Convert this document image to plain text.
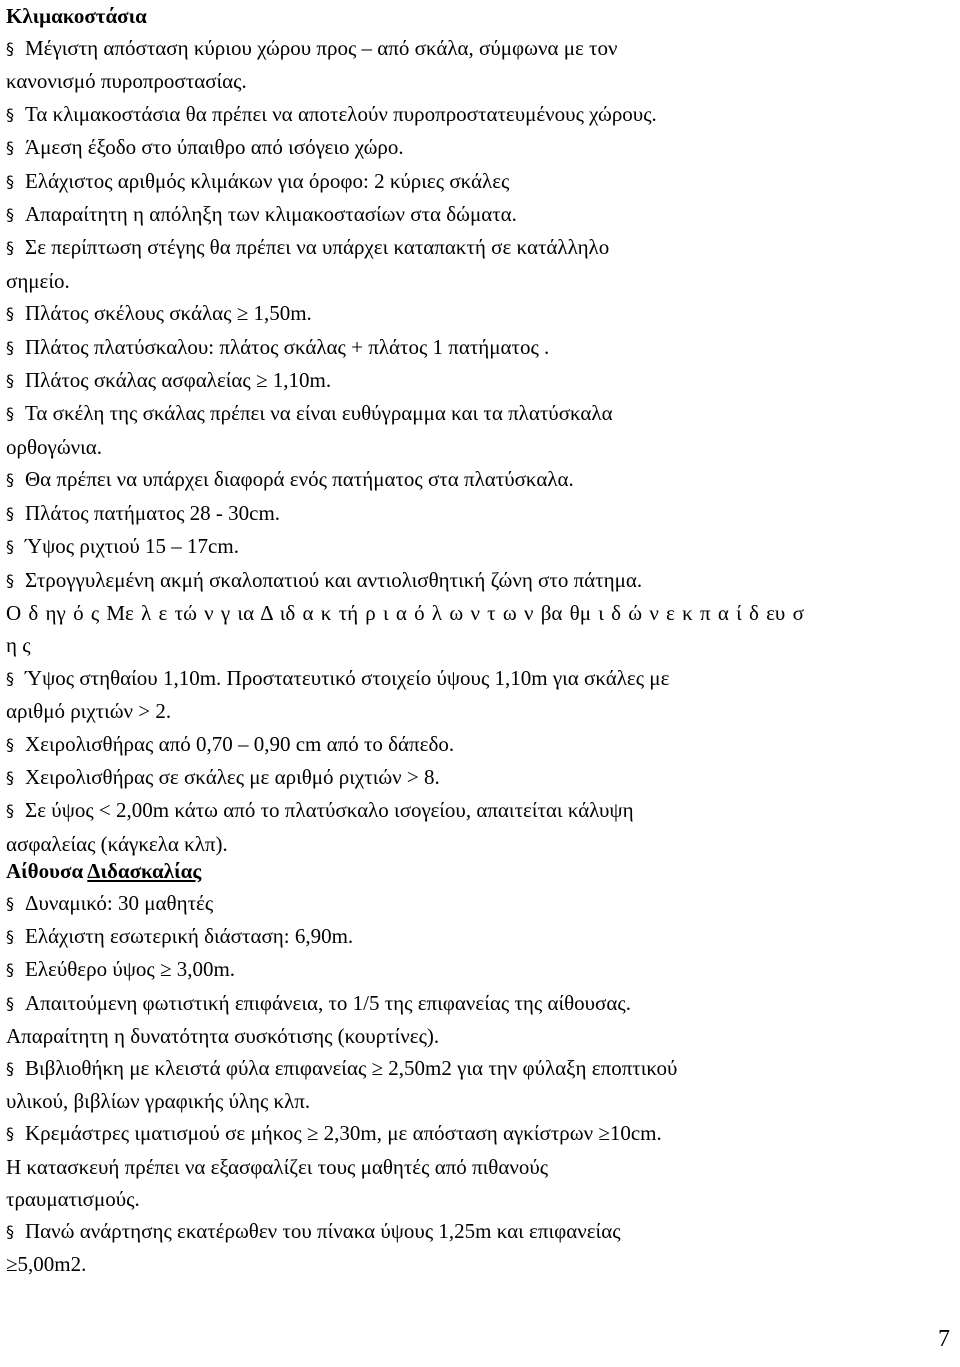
Κλιμακοστάσια

§ Μέγιστη απόσταση κύριου χώρου προς – από σκάλα, σύμφωνα με τον

κανονισμό πυροπροστασίας.

§ Τα κλιμακοστάσια θα πρέπει να αποτελούν πυροπροστατευμένους χώρους.

§ Άμεση έξοδο στο ύπαιθρο από ισόγειο χώρο.

§ Ελάχιστος αριθμός κλιμάκων για όροφο: 2 κύριες σκάλες

§ Απαραίτητη η απόληξη των κλιμακοστασίων στα δώματα.

§ Σε περίπτωση στέγης θα πρέπει να υπάρχει καταπακτή σε κατάλληλο

σημείο.

§ Πλάτος σκέλους σκάλας ≥ 1,50m.

§ Πλάτος πλατύσκαλου: πλάτος σκάλας + πλάτος 1 πατήματος .

§ Πλάτος σκάλας ασφαλείας ≥ 1,10m.

§ Τα σκέλη της σκάλας πρέπει να είναι ευθύγραμμα και τα πλατύσκαλα

ορθογώνια.

§ Θα πρέπει να υπάρχει διαφορά ενός πατήματος στα πλατύσκαλα.

§ Πλάτος πατήματος 28 - 30cm.

§ Ύψος ριχτιού 15 – 17cm.

§ Στρογγυλεμένη ακμή σκαλοπατιού και αντιολισθητική ζώνη στο πάτημα.

Ο δ ηγ ό ς Με λ ε τώ ν γ ια Δ ιδ α κ τή ρ ι α ό λ ω ν τ ω ν βα θμ ι δ ώ ν ε κ π α ί δ ευ σ

η ς

§ Ύψος στηθαίου 1,10m. Προστατευτικό στοιχείο ύψους 1,10m για σκάλες με

αριθμό ριχτιών > 2.

§ Χειρολισθήρας από 0,70 – 0,90 cm από το δάπεδο.

§ Χειρολισθήρας σε σκάλες με αριθμό ριχτιών > 8.

§ Σε ύψος < 2,00m κάτω από το πλατύσκαλο ισογείου, απαιτείται κάλυψη

ασφαλείας (κάγκελα κλπ).

Αίθουσα Διδασκαλίας

§ Δυναμικό: 30 μαθητές

§ Ελάχιστη εσωτερική διάσταση: 6,90m.

§ Ελεύθερο ύψος ≥ 3,00m.

§ Απαιτούμενη φωτιστική επιφάνεια, το 1/5 της επιφανείας της αίθουσας.

Απαραίτητη η δυνατότητα συσκότισης (κουρτίνες).

§ Βιβλιοθήκη με κλειστά φύλα επιφανείας ≥ 2,50m2 για την φύλαξη εποπτικού

υλικού, βιβλίων γραφικής ύλης κλπ.

§ Κρεμάστρες ιματισμού σε μήκος ≥ 2,30m, με απόσταση αγκίστρων ≥10cm.

Η κατασκευή πρέπει να εξασφαλίζει τους μαθητές από πιθανούς

τραυματισμούς.

§ Πανώ ανάρτησης εκατέρωθεν του πίνακα ύψους 1,25m και επιφανείας

≥5,00m2.

7
